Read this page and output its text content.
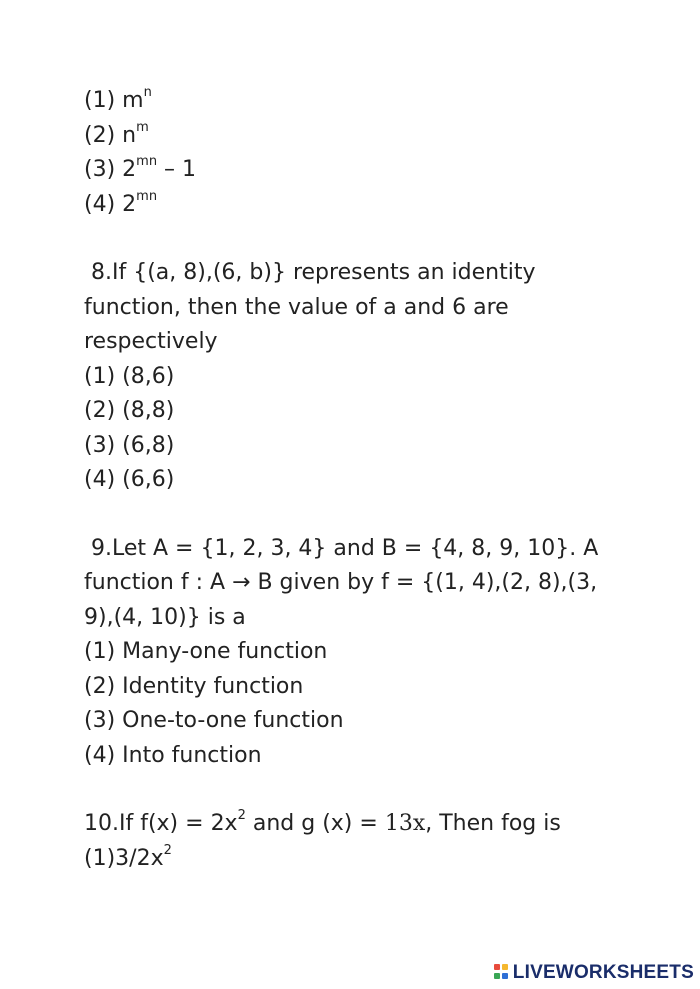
(1) $m^n$
(2) $n^m$
(3) $2^{mn} - 1$
(4) $2^{mn}$
8.If {(a, 8),(6, b)} represents an identity
function, then the value of a and 6 are
respectively
(1) (8,6)
(2) (8,8)
(3) (6,8)
(4) (6,6)
9.Let A = {1, 2, 3, 4} and B = {4, 8, 9, 10}. A
function f : A → B given by f = {(1, 4),(2, 8),(3,
9),(4, 10)} is a
(1) Many-one function
(2) Identity function
(3) One-to-one function
(4) Into function
10.If $f(x) = 2x^2$ and g (x) = 13x, Then fog is
$(1)3/2x^2$
LIVEWORKSHEETS
